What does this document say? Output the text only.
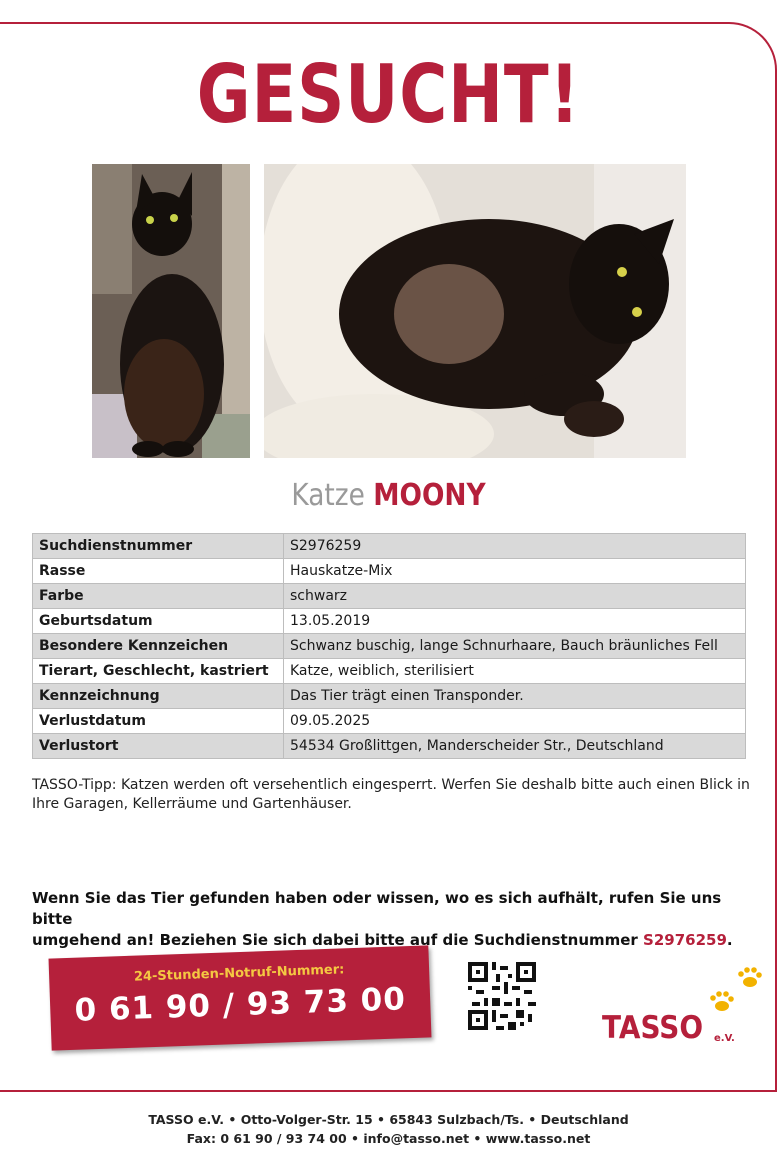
GESUCHT!
Katze MOONY
Suchdienstnummer	S2976259
Rasse	Hauskatze-Mix
Farbe	schwarz
Geburtsdatum	13.05.2019
Besondere Kennzeichen	Schwanz buschig, lange Schnurhaare, Bauch bräunliches Fell
Tierart, Geschlecht, kastriert	Katze, weiblich, sterilisiert
Kennzeichnung	Das Tier trägt einen Transponder.
Verlustdatum	09.05.2025
Verlustort	54534 Großlittgen, Manderscheider Str., Deutschland
TASSO-Tipp: Katzen werden oft versehentlich eingesperrt. Werfen Sie deshalb bitte auch einen Blick in
Ihre Garagen, Kellerräume und Gartenhäuser.
Wenn Sie das Tier gefunden haben oder wissen, wo es sich aufhält, rufen Sie uns bitte
umgehend an! Beziehen Sie sich dabei bitte auf die Suchdienstnummer S2976259.
24-Stunden-Notruf-Nummer:
0 61 90 / 93 73 00	TASSO e.V.
TASSO e.V. • Otto-Volger-Str. 15 • 65843 Sulzbach/Ts. • Deutschland
Fax: 0 61 90 / 93 74 00 • info@tasso.net • www.tasso.net
